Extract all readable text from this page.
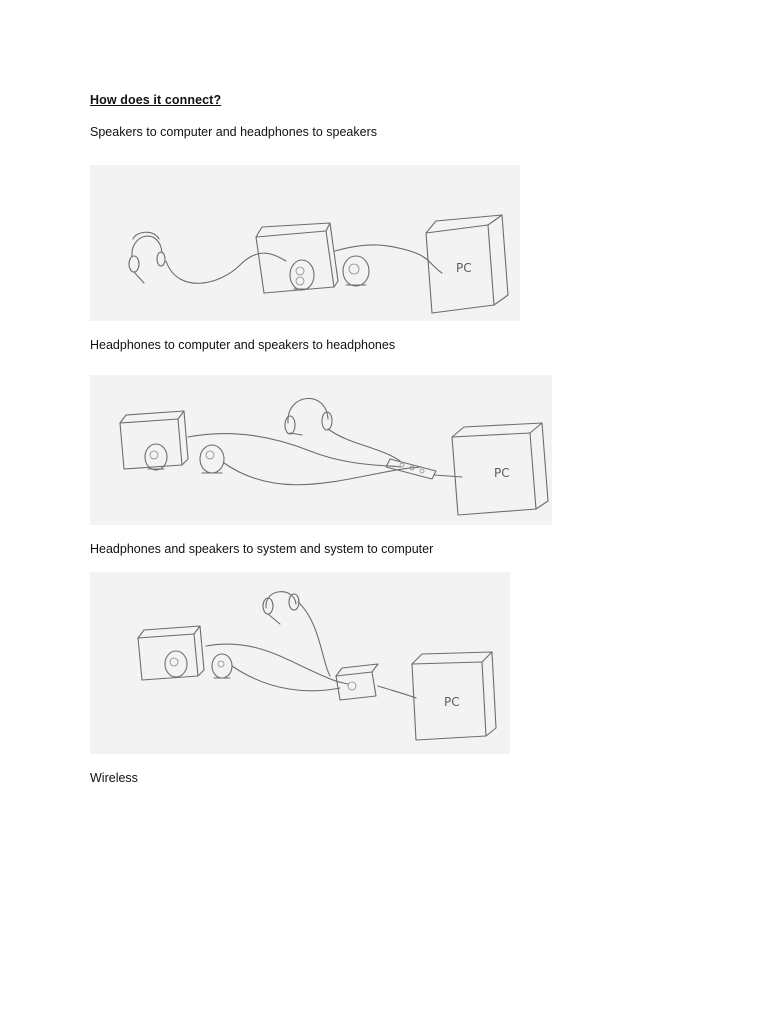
How does it connect?
Speakers to computer and headphones to speakers
PC
Headphones to computer and speakers to headphones
PC
Headphones and speakers to system and system to computer
PC
Wireless
